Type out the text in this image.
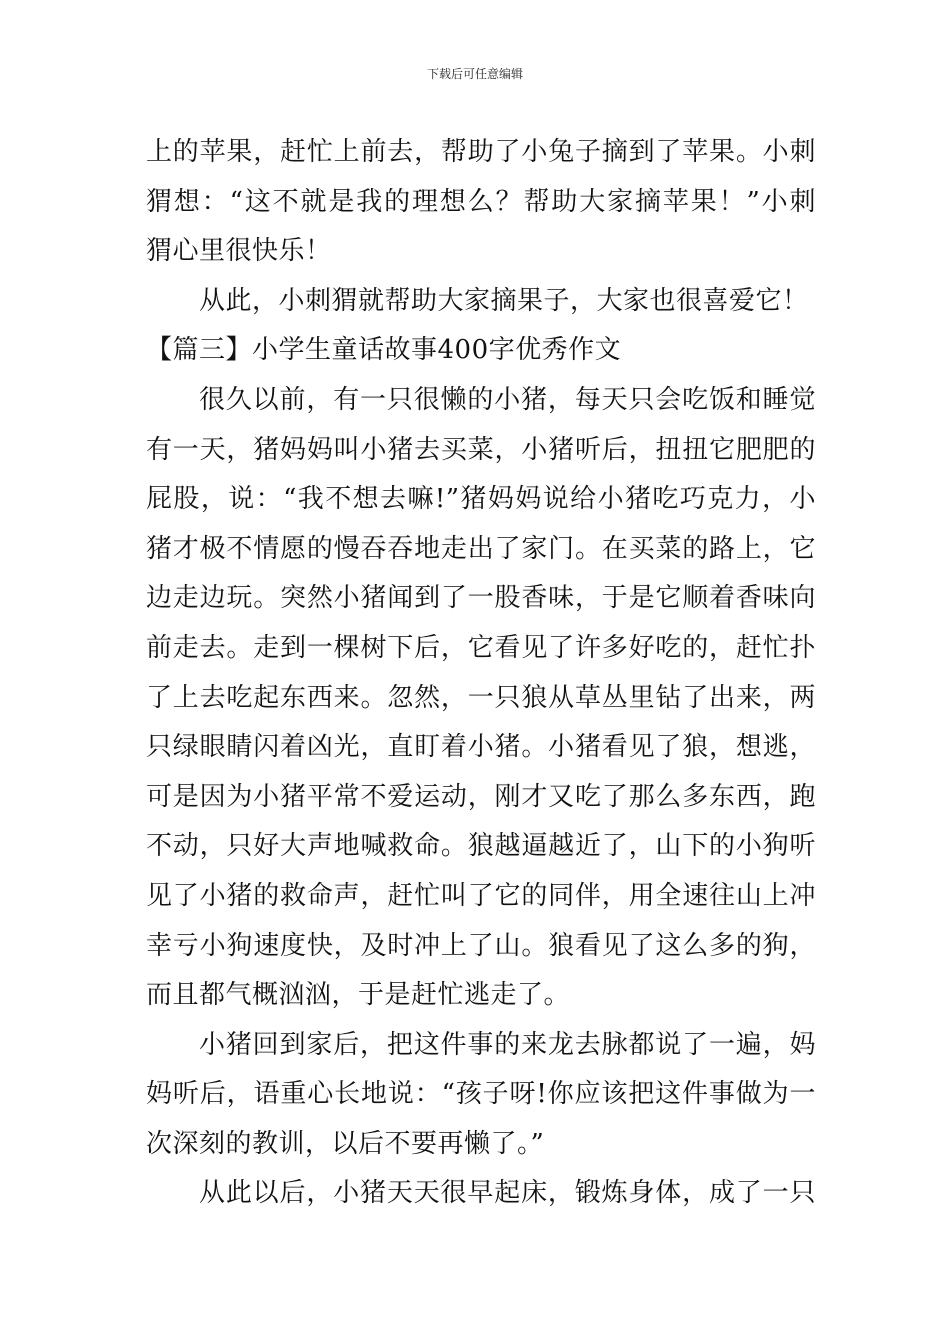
下载后可任意编辑
上的苹果，赶忙上前去，帮助了小兔子摘到了苹果。小刺
猬想：“这不就是我的理想么？帮助大家摘苹果！”小刺
猬心里很快乐！
从此，小刺猬就帮助大家摘果子，大家也很喜爱它！
【篇三】小学生童话故事400字优秀作文
很久以前，有一只很懒的小猪，每天只会吃饭和睡觉
有一天，猪妈妈叫小猪去买菜，小猪听后，扭扭它肥肥的
屁股，说：“我不想去嘛!”猪妈妈说给小猪吃巧克力，小
猪才极不情愿的慢吞吞地走出了家门。在买菜的路上，它
边走边玩。突然小猪闻到了一股香味，于是它顺着香味向
前走去。走到一棵树下后，它看见了许多好吃的，赶忙扑
了上去吃起东西来。忽然，一只狼从草丛里钻了出来，两
只绿眼睛闪着凶光，直盯着小猪。小猪看见了狼，想逃，
可是因为小猪平常不爱运动，刚才又吃了那么多东西，跑
不动，只好大声地喊救命。狼越逼越近了，山下的小狗听
见了小猪的救命声，赶忙叫了它的同伴，用全速往山上冲
幸亏小狗速度快，及时冲上了山。狼看见了这么多的狗，
而且都气概汹汹，于是赶忙逃走了。
小猪回到家后，把这件事的来龙去脉都说了一遍，妈
妈听后，语重心长地说：“孩子呀!你应该把这件事做为一
次深刻的教训，以后不要再懒了。”
从此以后，小猪天天很早起床，锻炼身体，成了一只
